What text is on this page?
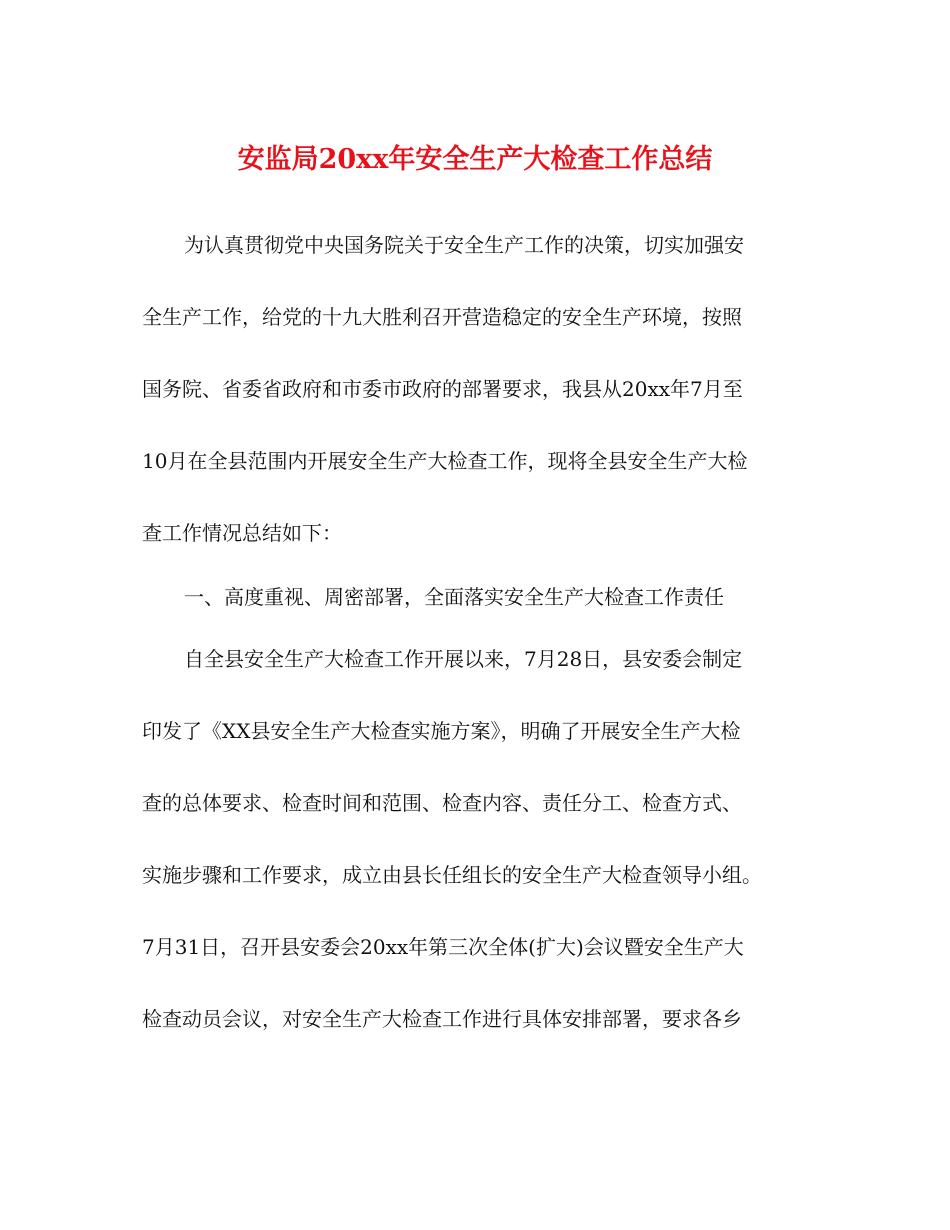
安监局20xx年安全生产大检查工作总结
为认真贯彻党中央国务院关于安全生产工作的决策，切实加强安
全生产工作，给党的十九大胜利召开营造稳定的安全生产环境，按照
国务院、省委省政府和市委市政府的部署要求，我县从20xx年7月至
10月在全县范围内开展安全生产大检查工作，现将全县安全生产大检
查工作情况总结如下：
一、高度重视、周密部署，全面落实安全生产大检查工作责任
自全县安全生产大检查工作开展以来，7月28日，县安委会制定
印发了《XX县安全生产大检查实施方案》，明确了开展安全生产大检
查的总体要求、检查时间和范围、检查内容、责任分工、检查方式、
实施步骤和工作要求，成立由县长任组长的安全生产大检查领导小组。
7月31日，召开县安委会20xx年第三次全体(扩大)会议暨安全生产大
检查动员会议，对安全生产大检查工作进行具体安排部署，要求各乡
